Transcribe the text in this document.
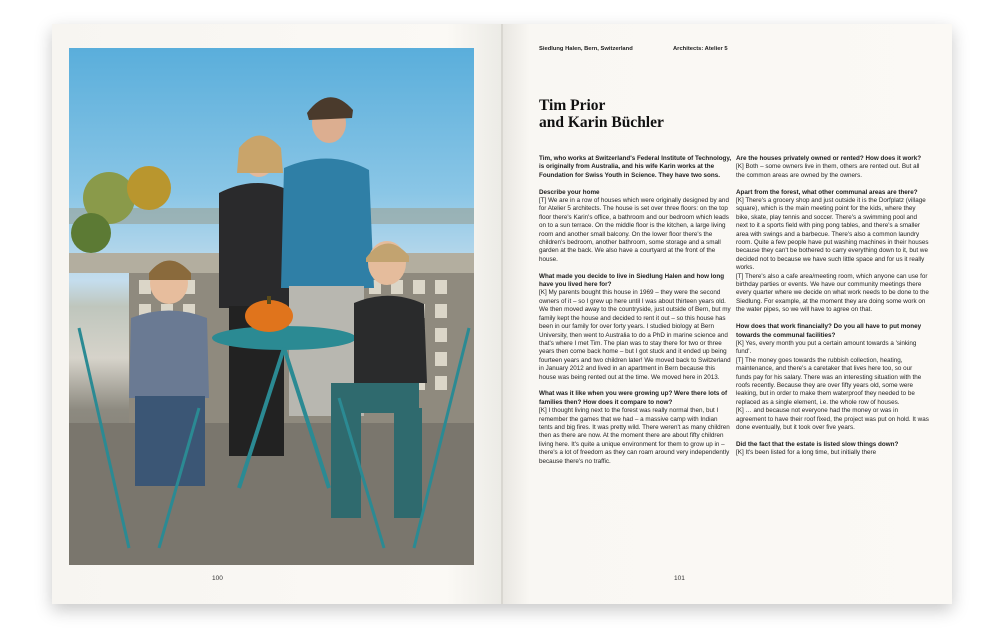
100
Siedlung Halen, Bern, Switzerland	Architects: Atelier 5
Tim Prior
and Karin Büchler

Tim, who works at Switzerland's Federal Institute of Technology, is originally from Australia, and his wife Karin works at the Foundation for Swiss Youth in Science. They have two sons.

Describe your home

[T] We are in a row of houses which were originally designed by and for Atelier 5 architects. The house is set over three floors: on the top floor there's Karin's office, a bathroom and our bedroom which leads on to a sun terrace. On the middle floor is the kitchen, a large living room and another small balcony. On the lower floor there's the children's bedroom, another bathroom, some storage and a small garden at the back. We also have a courtyard at the front of the house.

What made you decide to live in Siedlung Halen and how long have you lived here for?

[K] My parents bought this house in 1969 – they were the second owners of it – so I grew up here until I was about thirteen years old. We then moved away to the countryside, just outside of Bern, but my family kept the house and decided to rent it out – so this house has been in our family for over forty years. I studied biology at Bern University, then went to Australia to do a PhD in marine science and that's where I met Tim. The plan was to stay there for two or three years then come back home – but I got stuck and it ended up being fourteen years and two children later! We moved back to Switzerland in January 2012 and lived in an apartment in Bern because this house was being rented out at the time. We moved here in 2013.

What was it like when you were growing up? Were there lots of families then? How does it compare to now?

[K] I thought living next to the forest was really normal then, but I remember the games that we had – a massive camp with Indian tents and big fires. It was pretty wild. There weren't as many children then as there are now. At the moment there are about fifty children living here. It's quite a unique environment for them to grow up in – there's a lot of freedom as they can roam around very independently because there's no traffic.

Are the houses privately owned or rented? How does it work?

[K] Both – some owners live in them, others are rented out. But all the common areas are owned by the owners.

Apart from the forest, what other communal areas are there?

[K] There's a grocery shop and just outside it is the Dorfplatz (village square), which is the main meeting point for the kids, where they bike, skate, play tennis and soccer. There's a swimming pool and next to it a sports field with ping pong tables, and there's a smaller area with swings and a barbecue. There's also a common laundry room. Quite a few people have put washing machines in their houses because they can't be bothered to carry everything down to it, but we decided not to because we have such little space and for us it really works.

[T] There's also a cafe area/meeting room, which anyone can use for birthday parties or events. We have our community meetings there every quarter where we decide on what work needs to be done to the Siedlung. For example, at the moment they are doing some work on the water pipes, so we will have to agree on that.

How does that work financially? Do you all have to put money towards the communal facilities?

[K] Yes, every month you put a certain amount towards a 'sinking fund'.

[T] The money goes towards the rubbish collection, heating, maintenance, and there's a caretaker that lives here too, so our funds pay for his salary. There was an interesting situation with the roofs recently. Because they are over fifty years old, some were leaking, but in order to make them waterproof they needed to be replaced as a single element, i.e. the whole row of houses.

[K] … and because not everyone had the money or was in agreement to have their roof fixed, the project was put on hold. It was done eventually, but it took over five years.

Did the fact that the estate is listed slow things down?

[K] It's been listed for a long time, but initially there

101
